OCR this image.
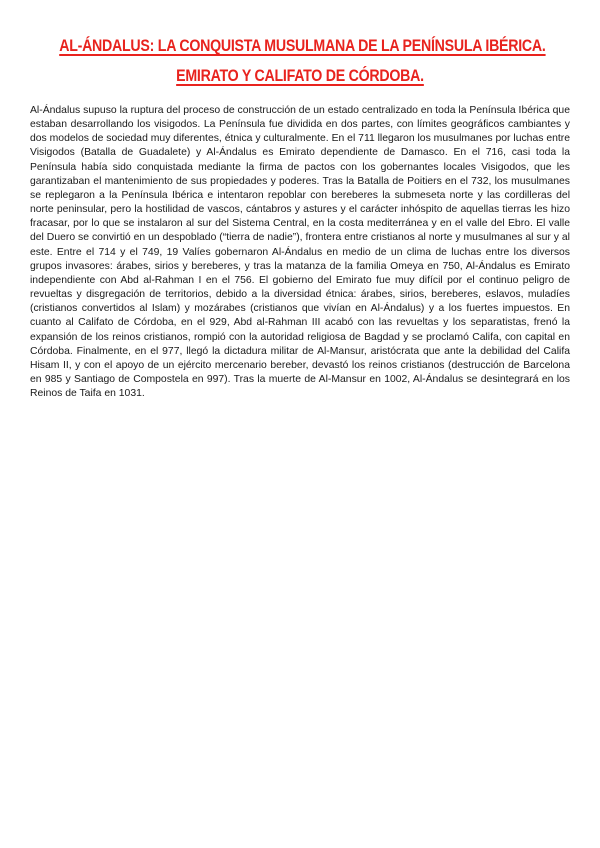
AL-ÁNDALUS: LA CONQUISTA MUSULMANA DE LA PENÍNSULA IBÉRICA.
EMIRATO Y CALIFATO DE CÓRDOBA.

Al-Ándalus supuso la ruptura del proceso de construcción de un estado centralizado en toda la Península Ibérica que estaban desarrollando los visigodos. La Península fue dividida en dos partes, con límites geográficos cambiantes y dos modelos de sociedad muy diferentes, étnica y culturalmente. En el 711 llegaron los musulmanes por luchas entre Visigodos (Batalla de Guadalete) y Al-Ándalus es Emirato dependiente de Damasco. En el 716, casi toda la Península había sido conquistada mediante la firma de pactos con los gobernantes locales Visigodos, que les garantizaban el mantenimiento de sus propiedades y poderes. Tras la Batalla de Poitiers en el 732, los musulmanes se replegaron a la Península Ibérica e intentaron repoblar con bereberes la submeseta norte y las cordilleras del norte peninsular, pero la hostilidad de vascos, cántabros y astures y el carácter inhóspito de aquellas tierras les hizo fracasar, por lo que se instalaron al sur del Sistema Central, en la costa mediterránea y en el valle del Ebro. El valle del Duero se convirtió en un despoblado (“tierra de nadie”), frontera entre cristianos al norte y musulmanes al sur y al este. Entre el 714 y el 749, 19 Valíes gobernaron Al-Ándalus en medio de un clima de luchas entre los diversos grupos invasores: árabes, sirios y bereberes, y tras la matanza de la familia Omeya en 750, Al-Ándalus es Emirato independiente con Abd al-Rahman I en el 756. El gobierno del Emirato fue muy difícil por el continuo peligro de revueltas y disgregación de territorios, debido a la diversidad étnica: árabes, sirios, bereberes, eslavos, muladíes (cristianos convertidos al Islam) y mozárabes (cristianos que vivían en Al-Ándalus) y a los fuertes impuestos. En cuanto al Califato de Córdoba, en el 929, Abd al-Rahman III acabó con las revueltas y los separatistas, frenó la expansión de los reinos cristianos, rompió con la autoridad religiosa de Bagdad y se proclamó Califa, con capital en Córdoba. Finalmente, en el 977, llegó la dictadura militar de Al-Mansur, aristócrata que ante la debilidad del Califa Hisam II, y con el apoyo de un ejército mercenario bereber, devastó los reinos cristianos (destrucción de Barcelona en 985 y Santiago de Compostela en 997). Tras la muerte de Al-Mansur en 1002, Al-Ándalus se desintegrará en los Reinos de Taifa en 1031.
